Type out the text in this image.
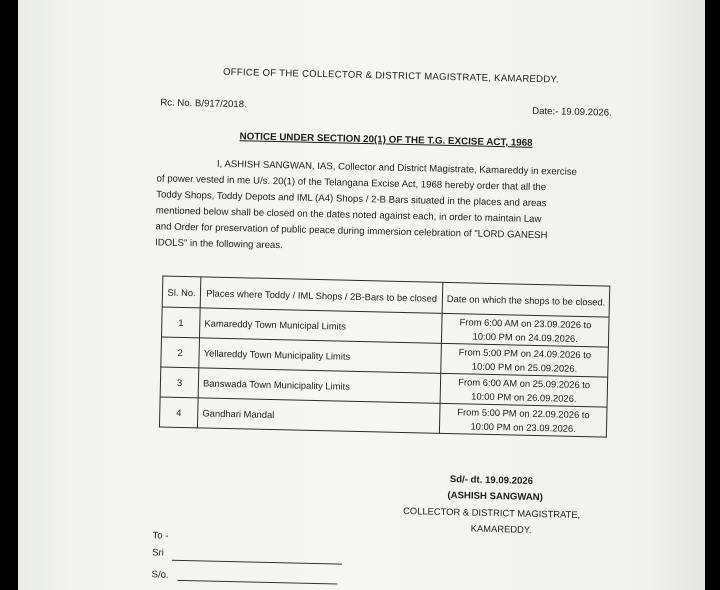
OFFICE OF THE COLLECTOR & DISTRICT MAGISTRATE, KAMAREDDY.
Rc. No. B/917/2018.
Date:- 19.09.2026.
NOTICE UNDER SECTION 20(1) OF THE T.G. EXCISE ACT, 1968
I, ASHISH SANGWAN, IAS, Collector and District Magistrate, Kamareddy in exercise
of power vested in me U/s. 20(1) of the Telangana Excise Act, 1968 hereby order that all the
Toddy Shops, Toddy Depots and IML (A4) Shops / 2-B Bars situated in the places and areas
mentioned below shall be closed on the dates noted against each, in order to maintain Law
and Order for preservation of public peace during immersion celebration of "LORD GANESH
IDOLS" in the following areas.
Sl. No.	Places where Toddy / IML Shops / 2B-Bars to be closed	Date on which the shops to be closed.
1	Kamareddy Town Municipal Limits	From 6:00 AM on 23.09.2026 to
10:00 PM on 24.09.2026.

2	Yellareddy Town Municipality Limits	From 5:00 PM on 24.09.2026 to
10:00 PM on 25.09.2026.

3	Banswada Town Municipality Limits	From 6:00 AM on 25.09.2026 to
10:00 PM on 26.09.2026.

4	Gandhari Mandal	From 5:00 PM on 22.09.2026 to
10:00 PM on 23.09.2026.
Sd/- dt. 19.09.2026
(ASHISH SANGWAN)
COLLECTOR & DISTRICT MAGISTRATE,
KAMAREDDY.
To -
Sri
S/o.
